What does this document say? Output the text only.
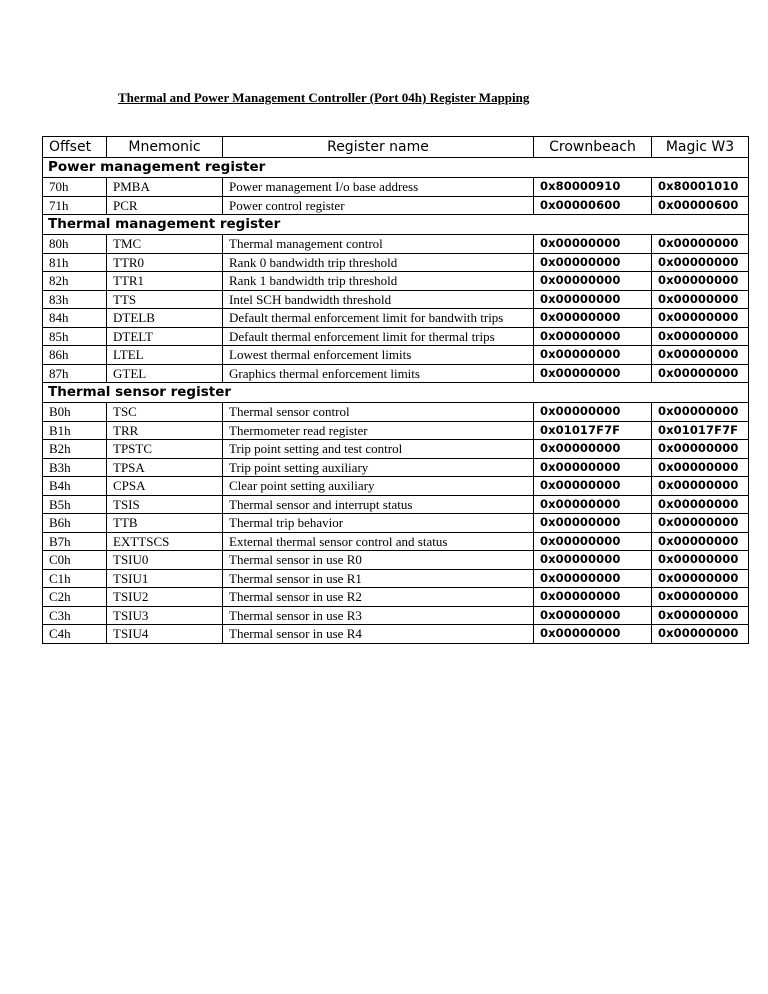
Thermal and Power Management Controller (Port 04h) Register Mapping
Offset	Mnemonic	Register name	Crownbeach	Magic W3
Power management register				
70h	PMBA	Power management I/o base address	0x80000910	0x80001010
71h	PCR	Power control register	0x00000600	0x00000600
Thermal management register				
80h	TMC	Thermal management control	0x00000000	0x00000000
81h	TTR0	Rank 0 bandwidth trip threshold	0x00000000	0x00000000
82h	TTR1	Rank 1 bandwidth trip threshold	0x00000000	0x00000000
83h	TTS	Intel SCH bandwidth threshold	0x00000000	0x00000000
84h	DTELB	Default thermal enforcement limit for bandwith trips	0x00000000	0x00000000
85h	DTELT	Default thermal enforcement limit for thermal trips	0x00000000	0x00000000
86h	LTEL	Lowest thermal enforcement limits	0x00000000	0x00000000
87h	GTEL	Graphics thermal enforcement limits	0x00000000	0x00000000
Thermal sensor register				
B0h	TSC	Thermal sensor control	0x00000000	0x00000000
B1h	TRR	Thermometer read register	0x01017F7F	0x01017F7F
B2h	TPSTC	Trip point setting and test control	0x00000000	0x00000000
B3h	TPSA	Trip point setting auxiliary	0x00000000	0x00000000
B4h	CPSA	Clear point setting auxiliary	0x00000000	0x00000000
B5h	TSIS	Thermal sensor and interrupt status	0x00000000	0x00000000
B6h	TTB	Thermal trip behavior	0x00000000	0x00000000
B7h	EXTTSCS	External thermal sensor control and status	0x00000000	0x00000000
C0h	TSIU0	Thermal sensor in use R0	0x00000000	0x00000000
C1h	TSIU1	Thermal sensor in use R1	0x00000000	0x00000000
C2h	TSIU2	Thermal sensor in use R2	0x00000000	0x00000000
C3h	TSIU3	Thermal sensor in use R3	0x00000000	0x00000000
C4h	TSIU4	Thermal sensor in use R4	0x00000000	0x00000000
